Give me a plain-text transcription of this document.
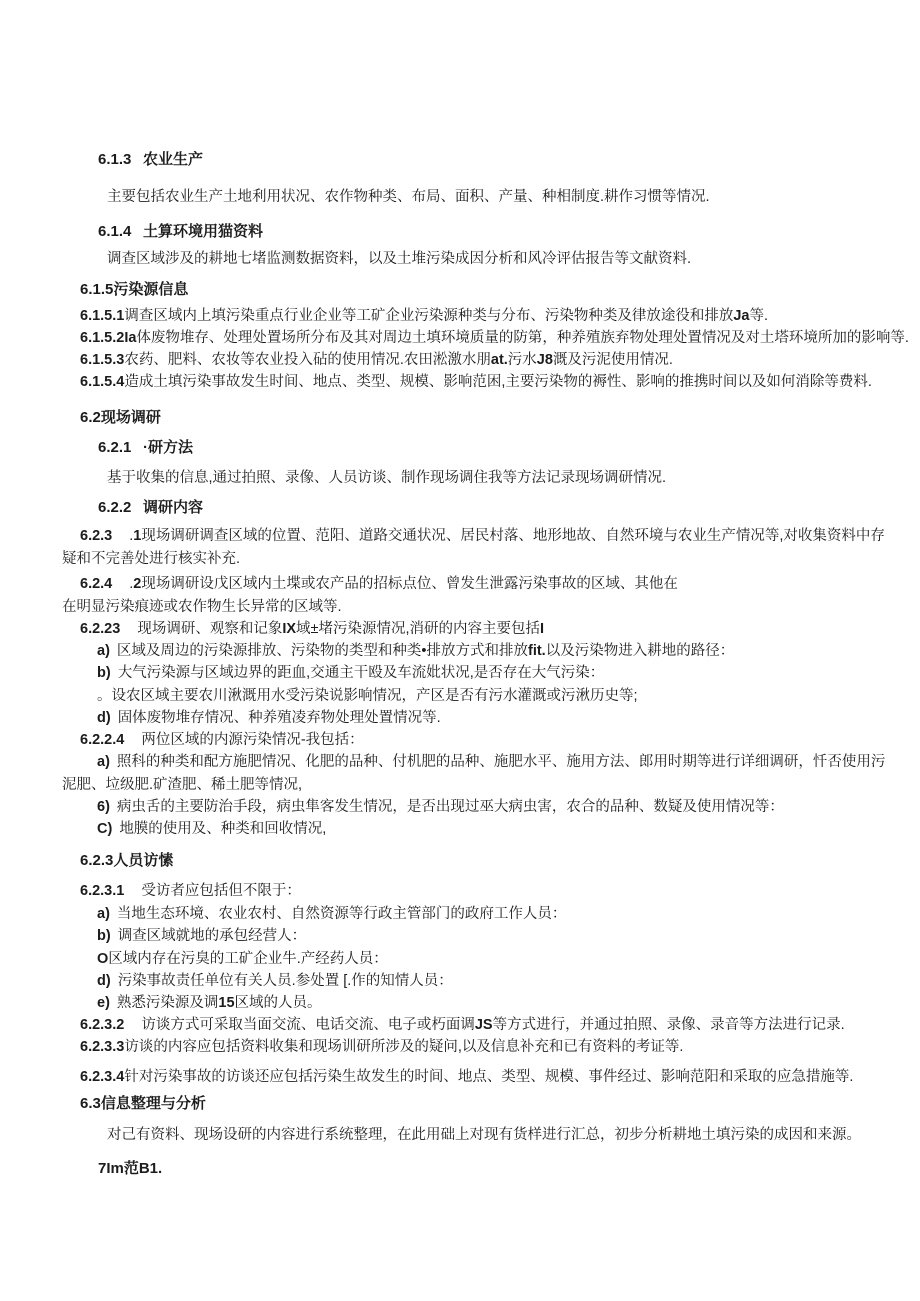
6.1.3 农业生产
主要包括农业生产土地利用状况、农作物种类、布局、面积、产量、种相制度.耕作习惯等情况.
6.1.4 土算环境用猫资料
调查区域涉及的耕地七堵监测数据资料，以及土堆污染成因分析和风冷评估报告等文献资料.
6.1.5污染源信息
6.1.5.1调查区域内上填污染重点行业企业等工矿企业污染源种类与分布、污染物种类及律放途役和排放Ja等.
6.1.5.2Ia体废物堆存、处理处置场所分布及其对周边土填环境质量的防第，种养殖族弃物处理处置情况及对土塔环境所加的影响等.
6.1.5.3农药、肥料、农妆等农业投入砧的使用情况.农田淞激水朋at.污水J8溉及污泥使用情况.
6.1.5.4造成土填污染事故发生时间、地点、类型、规模、影响范困,主要污染物的褥性、影响的推携时间以及如何消除等费料.
6.2现场调研
6.2.1 ·研方法
基于收集的信息,通过拍照、录像、人员访谈、制作现场调住我等方法记录现场调研情况.
6.2.2 调研内容
6.2.3 .1现场调研调查区域的位置、范阳、道路交通状况、居民村落、地形地故、自然环境与农业生产情况等,对收集资料中存
疑和不完善处进行核实补充.
6.2.4 .2现场调研设戊区域内土堞或农产品的招标点位、曾发生泄露污染事故的区域、其他在
在明显污染痕迹或农作物生长异常的区域等.
6.2.23 现场调研、观察和记象IX域±堵污染源情况,消研的内容主要包括I
a) 区域及周边的污染源排放、污染物的类型和种类•排放方式和排放fit.以及污染物进入耕地的路径：
b) 大气污染源与区域边界的距血,交通主干殴及车流妣状况,是否存在大气污染：
。设农区域主要农川湫溉用水受污染说影响情况，产区是否有污水灌溉或污湫历史等;
d) 固体废物堆存情况、种养殖凌弃物处理处置情况等.
6.2.2.4 两位区域的内源污染情况-我包括：
a) 照科的种类和配方施肥情况、化肥的品种、付机肥的品种、施肥水平、施用方法、郎用时期等进行详细调研，忏否使用污
泥肥、垃级肥.矿渣肥、稀土肥等情况,
6) 病虫舌的主要防治手段，病虫隼客发生情况，是否出现过巫大病虫害，农合的品种、数疑及使用情况等：
C) 地膜的使用及、种类和回收情况,
6.2.3人员访愫
6.2.3.1 受访者应包括但不限于：
a) 当地生态环境、农业农村、自然资源等行政主管部门的政府工作人员：
b) 调查区域就地的承包经营人：
O区域内存在污臭的工矿企业牛.产经药人员：
d) 污染事故责任单位有关人员.参处置 [.作的知情人员：
e) 熟悉污染源及调15区域的人员。
6.2.3.2 访谈方式可采取当面交流、电话交流、电子或朽面调JS等方式进行，并通过拍照、录像、录音等方法进行记录.
6.2.3.3访谈的内容应包括资料收集和现场训研所涉及的疑问,以及信息补充和已有资料的考证等.
6.2.3.4针对污染事故的访谈还应包括污染生故发生的时间、地点、类型、规模、事件经过、影响范阳和采取的应急措施等.
6.3信息整理与分析
对己有资料、现场设研的内容进行系统整理，在此用础上对现有货样进行汇总，初步分析耕地土填污染的成因和来源。
7Im范B1.
